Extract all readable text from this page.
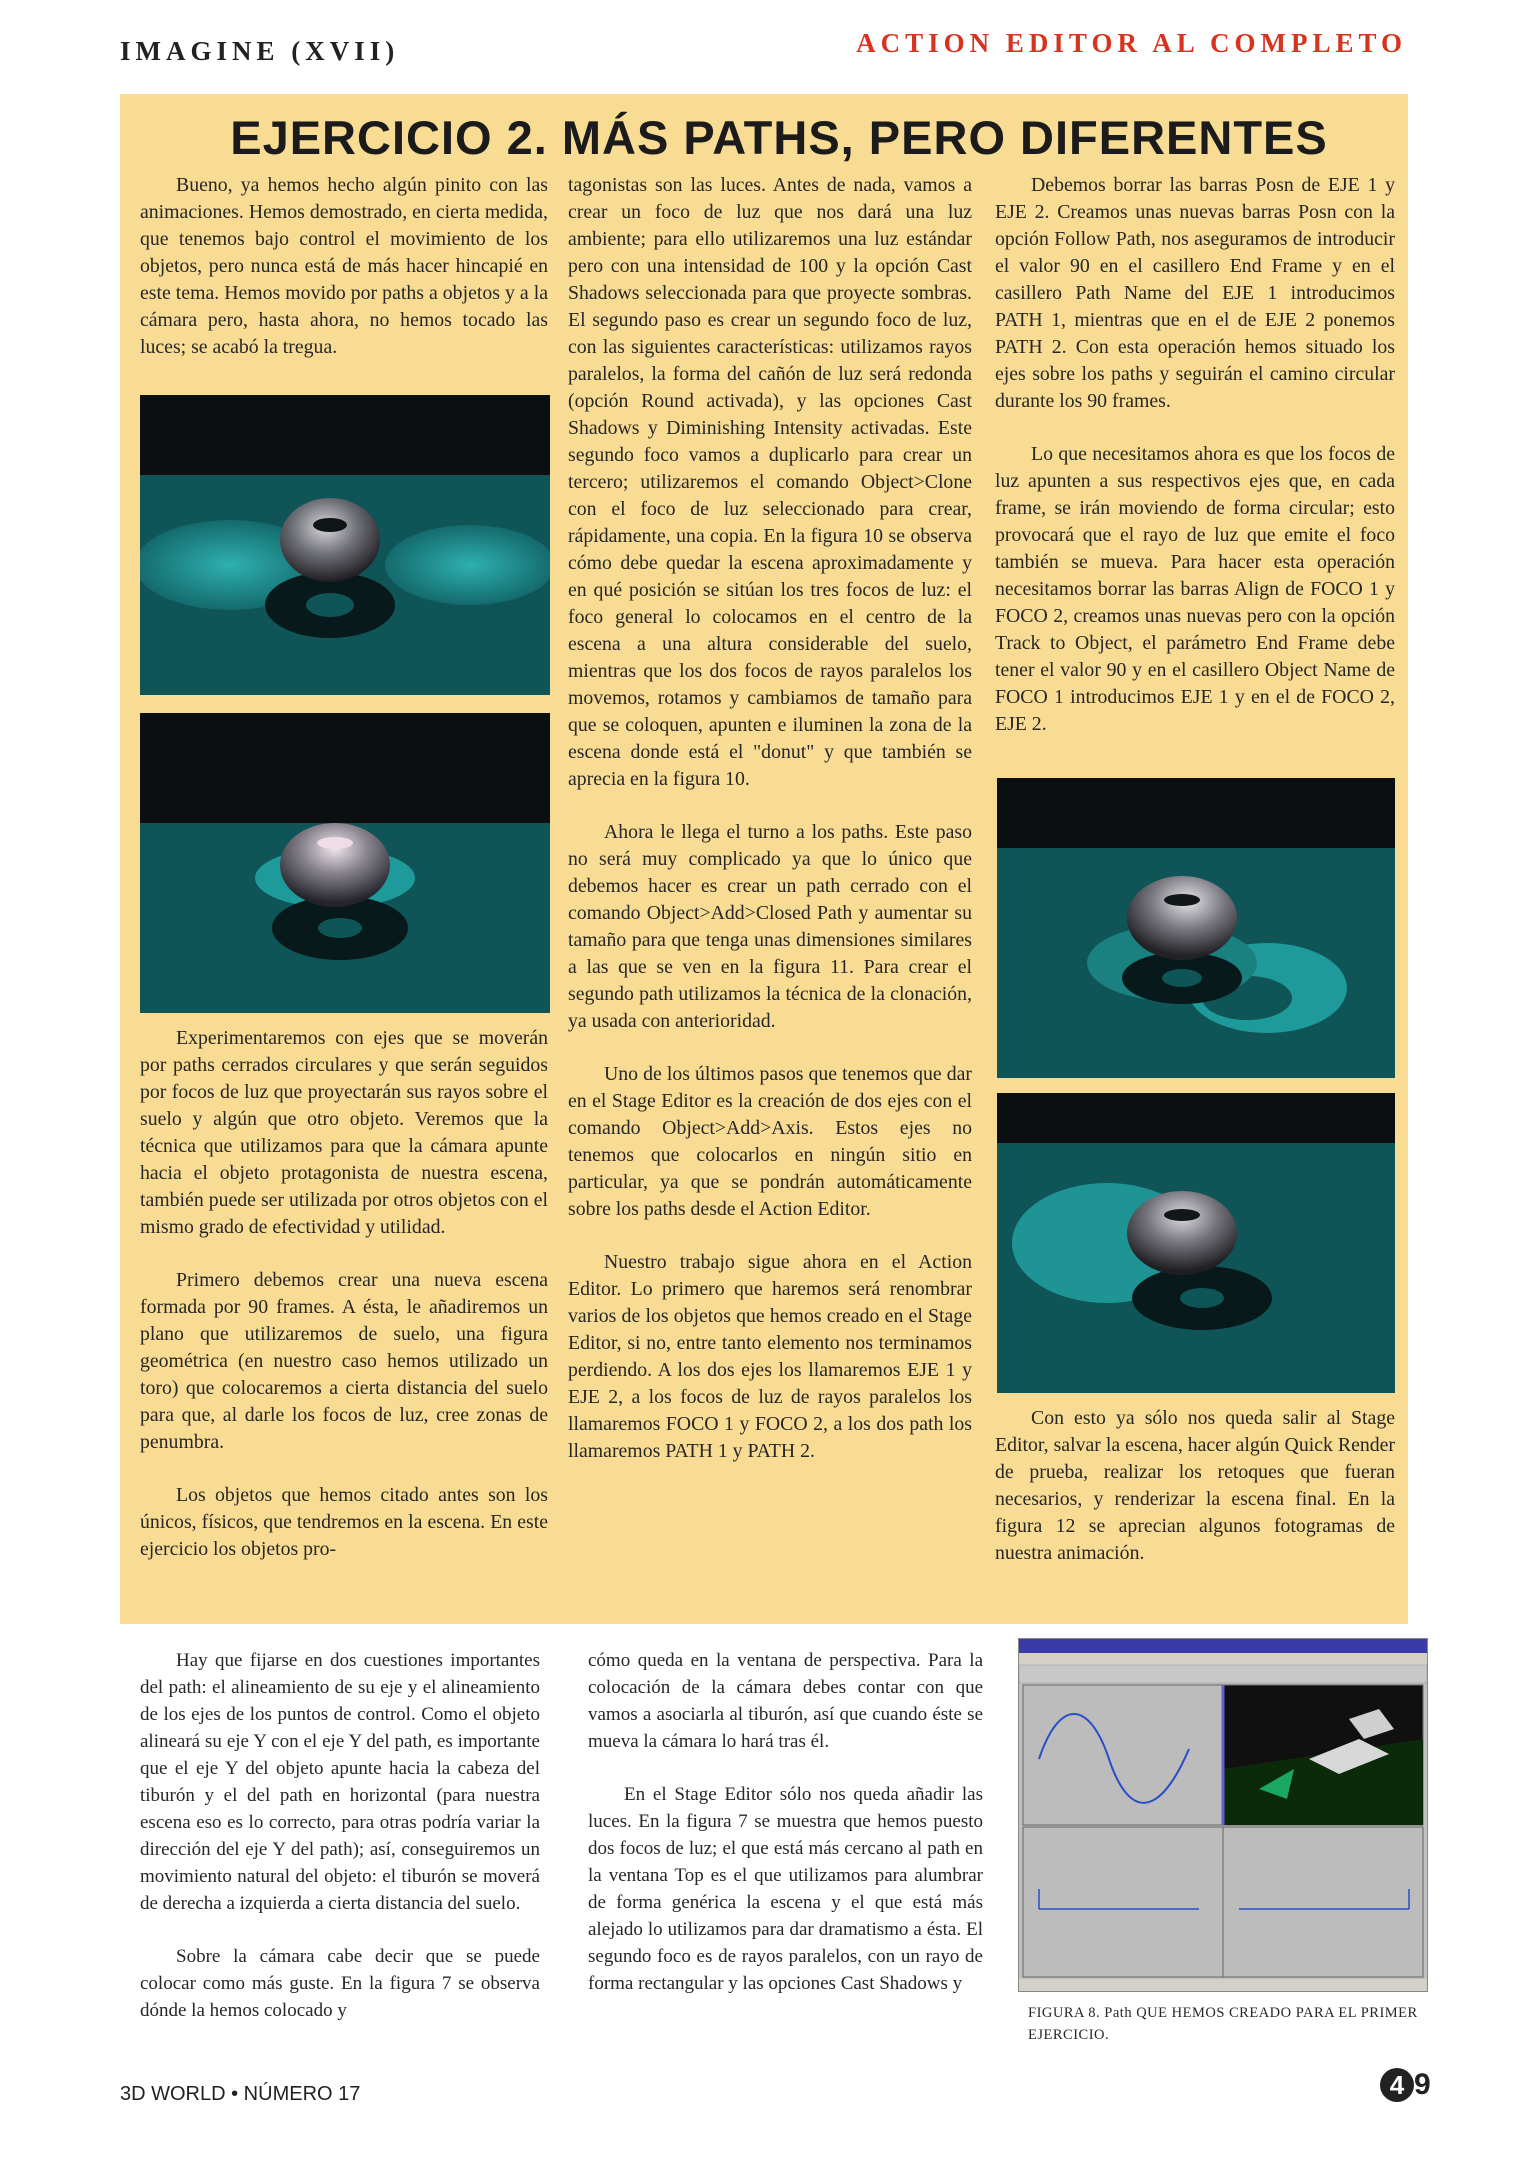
IMAGINE (XVII)	ACTION EDITOR AL COMPLETO
EJERCICIO 2. MÁS PATHS, PERO DIFERENTES

Bueno, ya hemos hecho algún pinito con las animaciones. Hemos demostrado, en cierta medida, que tenemos bajo control el movimiento de los objetos, pero nunca está de más hacer hincapié en este tema. Hemos movido por paths a objetos y a la cámara pero, hasta ahora, no hemos tocado las luces; se acabó la tregua.

Experimentaremos con ejes que se moverán por paths cerrados circulares y que serán seguidos por focos de luz que proyectarán sus rayos sobre el suelo y algún que otro objeto. Veremos que la técnica que utilizamos para que la cámara apunte hacia el objeto protagonista de nuestra escena, también puede ser utilizada por otros objetos con el mismo grado de efectividad y utilidad.

Primero debemos crear una nueva escena formada por 90 frames. A ésta, le añadiremos un plano que utilizaremos de suelo, una figura geométrica (en nuestro caso hemos utilizado un toro) que colocaremos a cierta distancia del suelo para que, al darle los focos de luz, cree zonas de penumbra.

Los objetos que hemos citado antes son los únicos, físicos, que tendremos en la escena. En este ejercicio los objetos pro-

tagonistas son las luces. Antes de nada, vamos a crear un foco de luz que nos dará una luz ambiente; para ello utilizaremos una luz estándar pero con una intensidad de 100 y la opción Cast Shadows seleccionada para que proyecte sombras. El segundo paso es crear un segundo foco de luz, con las siguientes características: utilizamos rayos paralelos, la forma del cañón de luz será redonda (opción Round activada), y las opciones Cast Shadows y Diminishing Intensity activadas. Este segundo foco vamos a duplicarlo para crear un tercero; utilizaremos el comando Object>Clone con el foco de luz seleccionado para crear, rápidamente, una copia. En la figura 10 se observa cómo debe quedar la escena aproximadamente y en qué posición se sitúan los tres focos de luz: el foco general lo colocamos en el centro de la escena a una altura considerable del suelo, mientras que los dos focos de rayos paralelos los movemos, rotamos y cambiamos de tamaño para que se coloquen, apunten e iluminen la zona de la escena donde está el "donut" y que también se aprecia en la figura 10.

Ahora le llega el turno a los paths. Este paso no será muy complicado ya que lo único que debemos hacer es crear un path cerrado con el comando Object>Add>Closed Path y aumentar su tamaño para que tenga unas dimensiones similares a las que se ven en la figura 11. Para crear el segundo path utilizamos la técnica de la clonación, ya usada con anterioridad.

Uno de los últimos pasos que tenemos que dar en el Stage Editor es la creación de dos ejes con el comando Object>Add>Axis. Estos ejes no tenemos que colocarlos en ningún sitio en particular, ya que se pondrán automáticamente sobre los paths desde el Action Editor.

Nuestro trabajo sigue ahora en el Action Editor. Lo primero que haremos será renombrar varios de los objetos que hemos creado en el Stage Editor, si no, entre tanto elemento nos terminamos perdiendo. A los dos ejes los llamaremos EJE 1 y EJE 2, a los focos de luz de rayos paralelos los llamaremos FOCO 1 y FOCO 2, a los dos path los llamaremos PATH 1 y PATH 2.

Debemos borrar las barras Posn de EJE 1 y EJE 2. Creamos unas nuevas barras Posn con la opción Follow Path, nos aseguramos de introducir el valor 90 en el casillero End Frame y en el casillero Path Name del EJE 1 introducimos PATH 1, mientras que en el de EJE 2 ponemos PATH 2. Con esta operación hemos situado los ejes sobre los paths y seguirán el camino circular durante los 90 frames.

Lo que necesitamos ahora es que los focos de luz apunten a sus respectivos ejes que, en cada frame, se irán moviendo de forma circular; esto provocará que el rayo de luz que emite el foco también se mueva. Para hacer esta operación necesitamos borrar las barras Align de FOCO 1 y FOCO 2, creamos unas nuevas pero con la opción Track to Object, el parámetro End Frame debe tener el valor 90 y en el casillero Object Name de FOCO 1 introducimos EJE 1 y en el de FOCO 2, EJE 2.

Con esto ya sólo nos queda salir al Stage Editor, salvar la escena, hacer algún Quick Render de prueba, realizar los retoques que fueran necesarios, y renderizar la escena final. En la figura 12 se aprecian algunos fotogramas de nuestra animación.

Hay que fijarse en dos cuestiones importantes del path: el alineamiento de su eje y el alineamiento de los ejes de los puntos de control. Como el objeto alineará su eje Y con el eje Y del path, es importante que el eje Y del objeto apunte hacia la cabeza del tiburón y el del path en horizontal (para nuestra escena eso es lo correcto, para otras podría variar la dirección del eje Y del path); así, conseguiremos un movimiento natural del objeto: el tiburón se moverá de derecha a izquierda a cierta distancia del suelo.

Sobre la cámara cabe decir que se puede colocar como más guste. En la figura 7 se observa dónde la hemos colocado y

cómo queda en la ventana de perspectiva. Para la colocación de la cámara debes contar con que vamos a asociarla al tiburón, así que cuando éste se mueva la cámara lo hará tras él.

En el Stage Editor sólo nos queda añadir las luces. En la figura 7 se muestra que hemos puesto dos focos de luz; el que está más cercano al path en la ventana Top es el que utilizamos para alumbrar de forma genérica la escena y el que está más alejado lo utilizamos para dar dramatismo a ésta. El segundo foco es de rayos paralelos, con un rayo de forma rectangular y las opciones Cast Shadows y

FIGURA 8. Path QUE HEMOS CREADO PARA EL PRIMER EJERCICIO.
3D WORLD • NÚMERO 17	4 9
